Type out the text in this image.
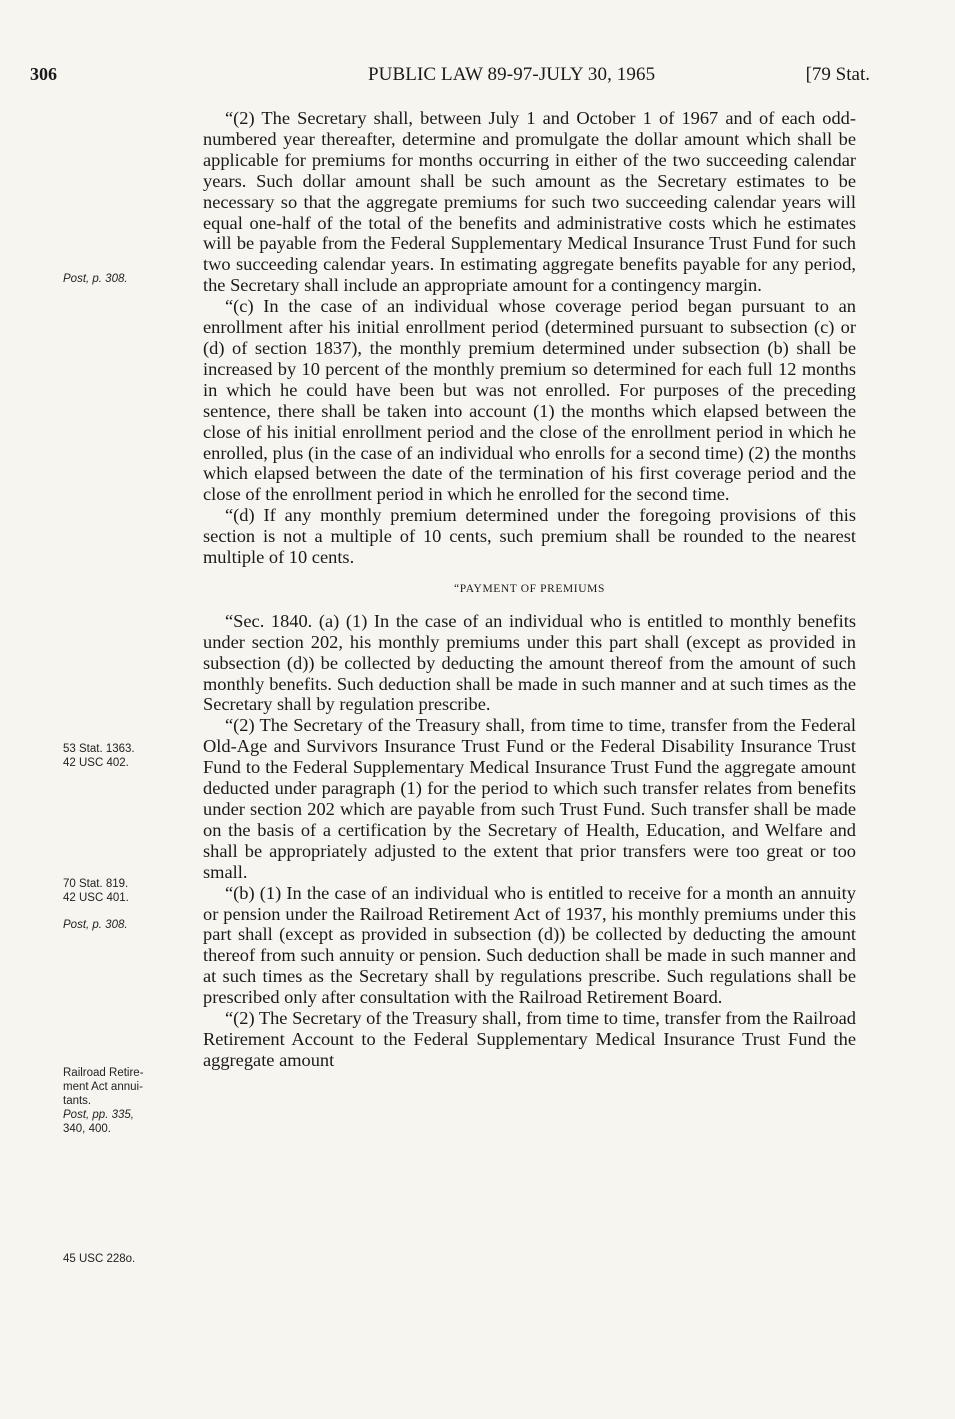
306	PUBLIC LAW 89-97-JULY 30, 1965	[79 Stat.
Post, p. 308.
53 Stat. 1363.
42 USC 402.
70 Stat. 819.
42 USC 401.
Post, p. 308.
Railroad Retire-
ment Act annui-
tants.
Post, pp. 335,
340, 400.
45 USC 228o.

“(2) The Secretary shall, between July 1 and October 1 of 1967 and of each odd-numbered year thereafter, determine and promulgate the dollar amount which shall be applicable for premiums for months occurring in either of the two succeeding calendar years. Such dollar amount shall be such amount as the Secretary estimates to be necessary so that the aggregate premiums for such two succeeding calendar years will equal one-half of the total of the benefits and administrative costs which he estimates will be payable from the Federal Supplementary Medical Insurance Trust Fund for such two succeeding calendar years. In estimating aggregate benefits payable for any period, the Secretary shall include an appropriate amount for a contingency margin.

“(c) In the case of an individual whose coverage period began pursuant to an enrollment after his initial enrollment period (determined pursuant to subsection (c) or (d) of section 1837), the monthly premium determined under subsection (b) shall be increased by 10 percent of the monthly premium so determined for each full 12 months in which he could have been but was not enrolled. For purposes of the preceding sentence, there shall be taken into account (1) the months which elapsed between the close of his initial enrollment period and the close of the enrollment period in which he enrolled, plus (in the case of an individual who enrolls for a second time) (2) the months which elapsed between the date of the termination of his first coverage period and the close of the enrollment period in which he enrolled for the second time.

“(d) If any monthly premium determined under the foregoing provisions of this section is not a multiple of 10 cents, such premium shall be rounded to the nearest multiple of 10 cents.

“PAYMENT OF PREMIUMS

“Sec. 1840. (a) (1) In the case of an individual who is entitled to monthly benefits under section 202, his monthly premiums under this part shall (except as provided in subsection (d)) be collected by deducting the amount thereof from the amount of such monthly benefits. Such deduction shall be made in such manner and at such times as the Secretary shall by regulation prescribe.

“(2) The Secretary of the Treasury shall, from time to time, transfer from the Federal Old-Age and Survivors Insurance Trust Fund or the Federal Disability Insurance Trust Fund to the Federal Supplementary Medical Insurance Trust Fund the aggregate amount deducted under paragraph (1) for the period to which such transfer relates from benefits under section 202 which are payable from such Trust Fund. Such transfer shall be made on the basis of a certification by the Secretary of Health, Education, and Welfare and shall be appropriately adjusted to the extent that prior transfers were too great or too small.

“(b) (1) In the case of an individual who is entitled to receive for a month an annuity or pension under the Railroad Retirement Act of 1937, his monthly premiums under this part shall (except as provided in subsection (d)) be collected by deducting the amount thereof from such annuity or pension. Such deduction shall be made in such manner and at such times as the Secretary shall by regulations prescribe. Such regulations shall be prescribed only after consultation with the Railroad Retirement Board.

“(2) The Secretary of the Treasury shall, from time to time, transfer from the Railroad Retirement Account to the Federal Supplementary Medical Insurance Trust Fund the aggregate amount
